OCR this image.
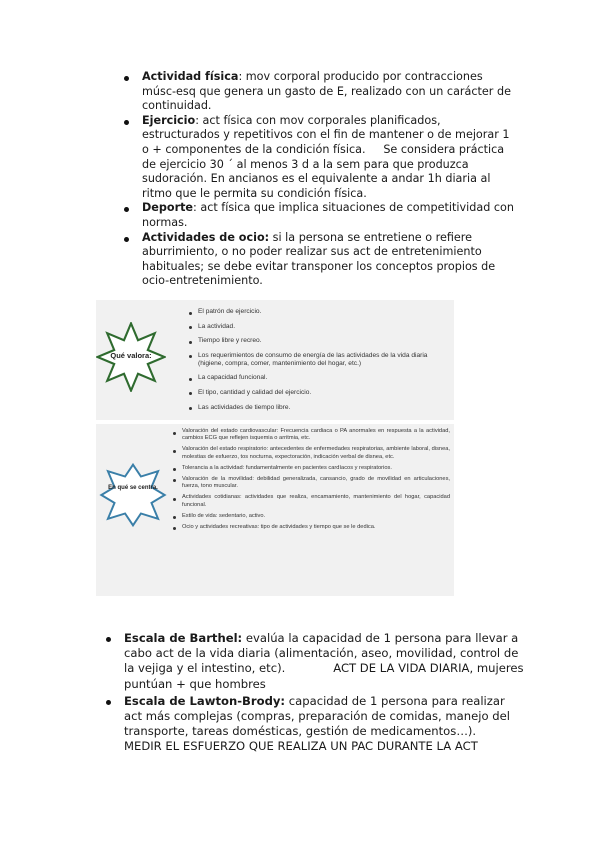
Actividad física: mov corporal producido por contracciones músc-esq que genera un gasto de E, realizado con un carácter de continuidad.
Ejercicio: act física con mov corporales planificados, estructurados y repetitivos con el fin de mantener o de mejorar 1 o + componentes de la condición física.     Se considera práctica de ejercicio 30 ´ al menos 3 d a la sem para que produzca sudoración. En ancianos es el equivalente a andar 1h diaria al ritmo que le permita su condición física.
Deporte: act física que implica situaciones de competitividad con normas.
Actividades de ocio: si la persona se entretiene o refiere aburrimiento, o no poder realizar sus act de entretenimiento habituales; se debe evitar transponer los conceptos propios de ocio-entretenimiento.
Qué valora:
El patrón de ejercicio.
La actividad.
Tiempo libre y recreo.
Los requerimientos de consumo de energía de las actividades de la vida diaria (higiene, compra, comer, mantenimiento del hogar, etc.)
La capacidad funcional.
El tipo, cantidad y calidad del ejercicio.
Las actividades de tiempo libre.
En qué se centra.
Valoración del estado cardiovascular: Frecuencia cardiaca o PA anormales en respuesta a la actividad, cambios ECG que reflejen isquemia o arritmia, etc.
Valoración del estado respiratorio: antecedentes de enfermedades respiratorias, ambiente laboral, disnea, molestias de esfuerzo, tos nocturna, expectoración, indicación verbal de disnea, etc.
Tolerancia a la actividad: fundamentalmente en pacientes cardíacos y respiratorios.
Valoración de la movilidad: debilidad generalizada, cansancio, grado de movilidad en articulaciones, fuerza, tono muscular.
Actividades cotidianas: actividades que realiza, encamamiento, mantenimiento del hogar, capacidad funcional.
Estilo de vida: sedentario, activo.
Ocio y actividades recreativas: tipo de actividades y tiempo que se le dedica.
Escala de Barthel: evalúa la capacidad de 1 persona para llevar a cabo act de la vida diaria (alimentación, aseo, movilidad, control de la vejiga y el intestino, etc).             ACT DE LA VIDA DIARIA, mujeres puntúan + que hombres
Escala de Lawton-Brody: capacidad de 1 persona para realizar act más complejas (compras, preparación de comidas, manejo del transporte, tareas domésticas, gestión de medicamentos…).
MEDIR EL ESFUERZO QUE REALIZA UN PAC DURANTE LA ACT
